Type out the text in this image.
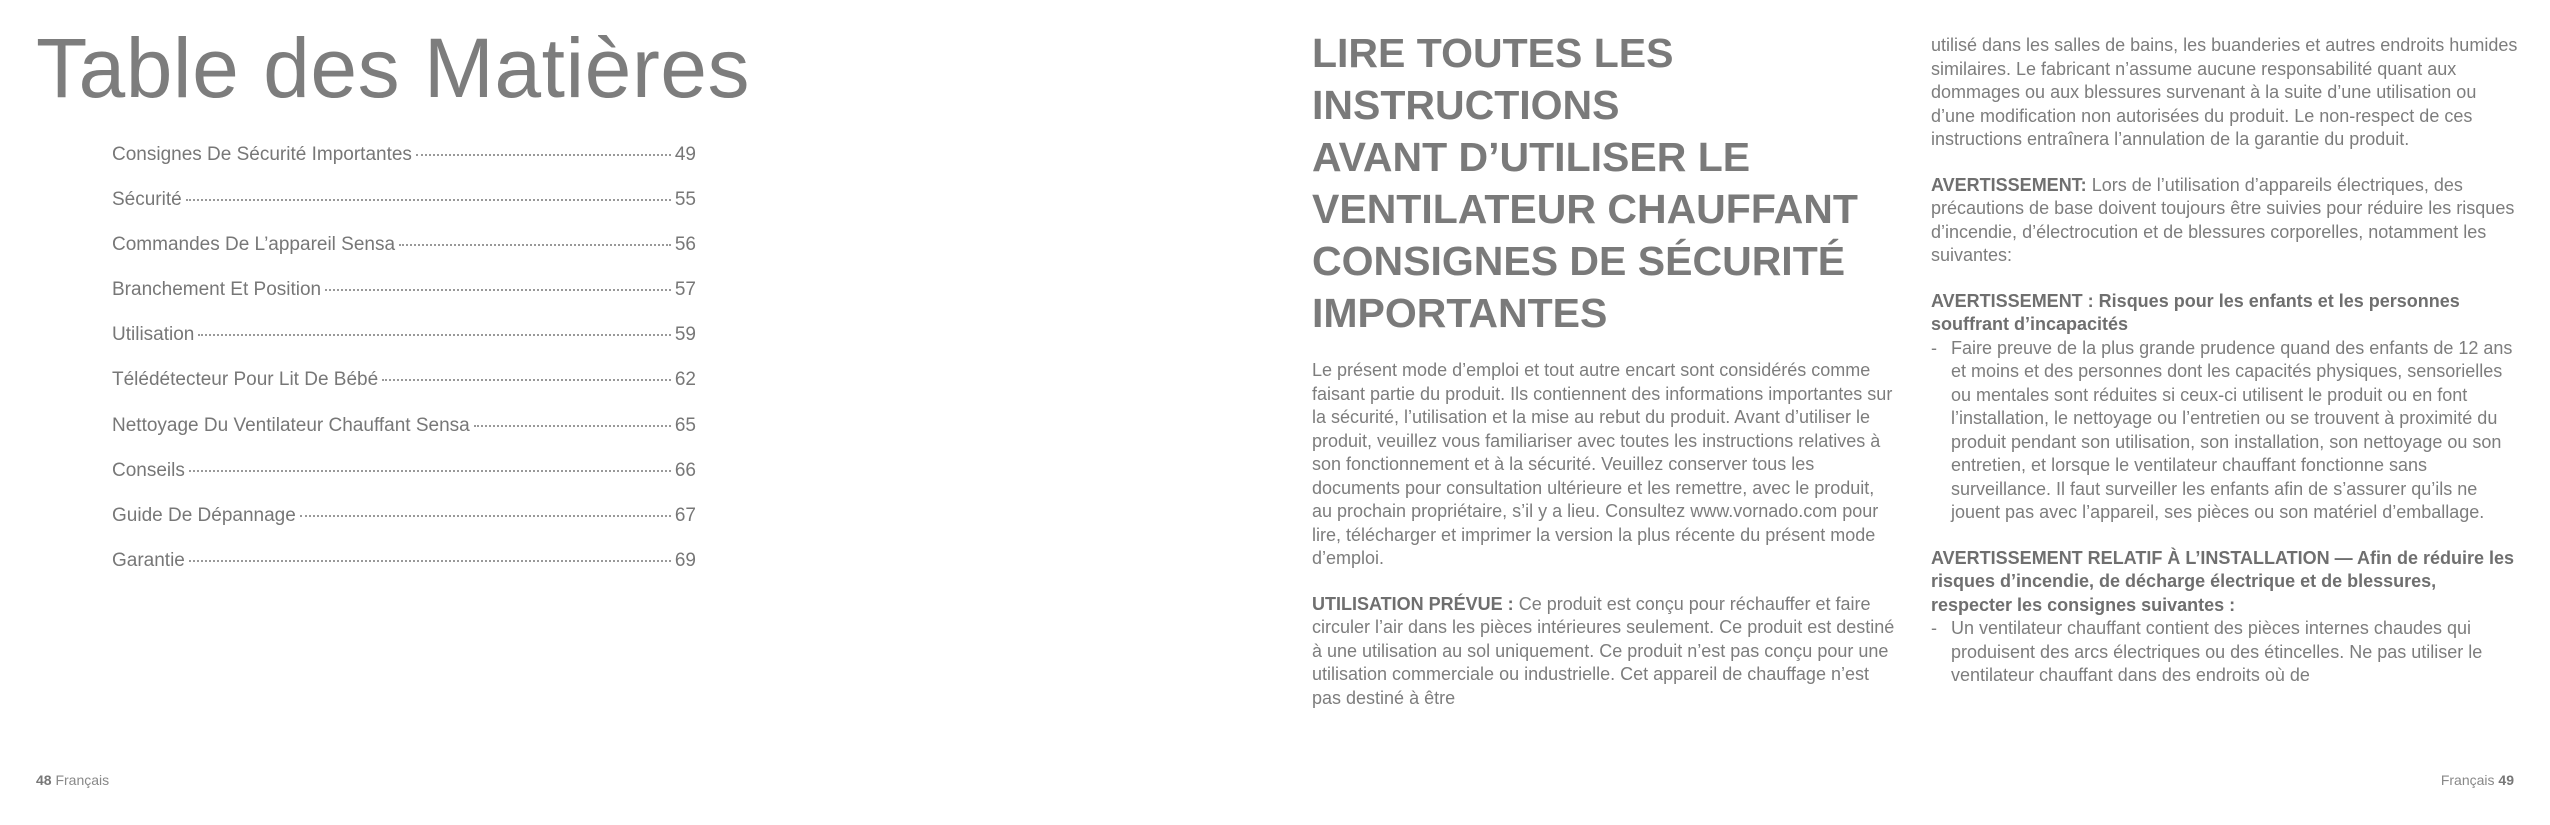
Table des Matières
Consignes De Sécurité Importantes	49
Sécurité	55
Commandes De L’appareil Sensa	56
Branchement Et Position	57
Utilisation	59
Télédétecteur Pour Lit De Bébé	62
Nettoyage Du Ventilateur Chauffant Sensa	65
Conseils	66
Guide De Dépannage	67
Garantie	69
48 Français
LIRE TOUTES LES
INSTRUCTIONS
AVANT D’UTILISER LE
VENTILATEUR CHAUFFANT
CONSIGNES DE SÉCURITÉ
IMPORTANTES

Le présent mode d’emploi et tout autre encart sont considérés comme faisant partie du produit. Ils contiennent des informations importantes sur la sécurité, l’utilisation et la mise au rebut du produit. Avant d’utiliser le produit, veuillez vous familiariser avec toutes les instructions relatives à son fonctionnement et à la sécurité. Veuillez conserver tous les documents pour consultation ultérieure et les remettre, avec le produit, au prochain propriétaire, s’il y a lieu. Consultez www.vornado.com pour lire, télécharger et imprimer la version la plus récente du présent mode d’emploi.

UTILISATION PRÉVUE : Ce produit est conçu pour réchauffer et faire circuler l’air dans les pièces intérieures seulement. Ce produit est destiné à une utilisation au sol uniquement. Ce produit n’est pas conçu pour une utilisation commerciale ou industrielle. Cet appareil de chauffage n’est pas destiné à être

utilisé dans les salles de bains, les buanderies et autres endroits humides similaires. Le fabricant n’assume aucune responsabilité quant aux dommages ou aux blessures survenant à la suite d’une utilisation ou d’une modification non autorisées du produit. Le non-respect de ces instructions entraînera l’annulation de la garantie du produit.

AVERTISSEMENT: Lors de l’utilisation d’appareils électriques, des précautions de base doivent toujours être suivies pour réduire les risques d’incendie, d’électrocution et de blessures corporelles, notamment les suivantes:

AVERTISSEMENT : Risques pour les enfants et les personnes souffrant d’incapacités
- Faire preuve de la plus grande prudence quand des enfants de 12 ans et moins et des personnes dont les capacités physiques, sensorielles ou mentales sont réduites si ceux-ci utilisent le produit ou en font l’installation, le nettoyage ou l’entretien ou se trouvent à proximité du produit pendant son utilisation, son installation, son nettoyage ou son entretien, et lorsque le ventilateur chauffant fonctionne sans surveillance. Il faut surveiller les enfants afin de s’assurer qu’ils ne jouent pas avec l’appareil, ses pièces ou son matériel d’emballage.
AVERTISSEMENT RELATIF À L’INSTALLATION — Afin de réduire les risques d’incendie, de décharge électrique et de blessures, respecter les consignes suivantes :
- Un ventilateur chauffant contient des pièces internes chaudes qui produisent des arcs électriques ou des étincelles. Ne pas utiliser le ventilateur chauffant dans des endroits où de
Français 49
